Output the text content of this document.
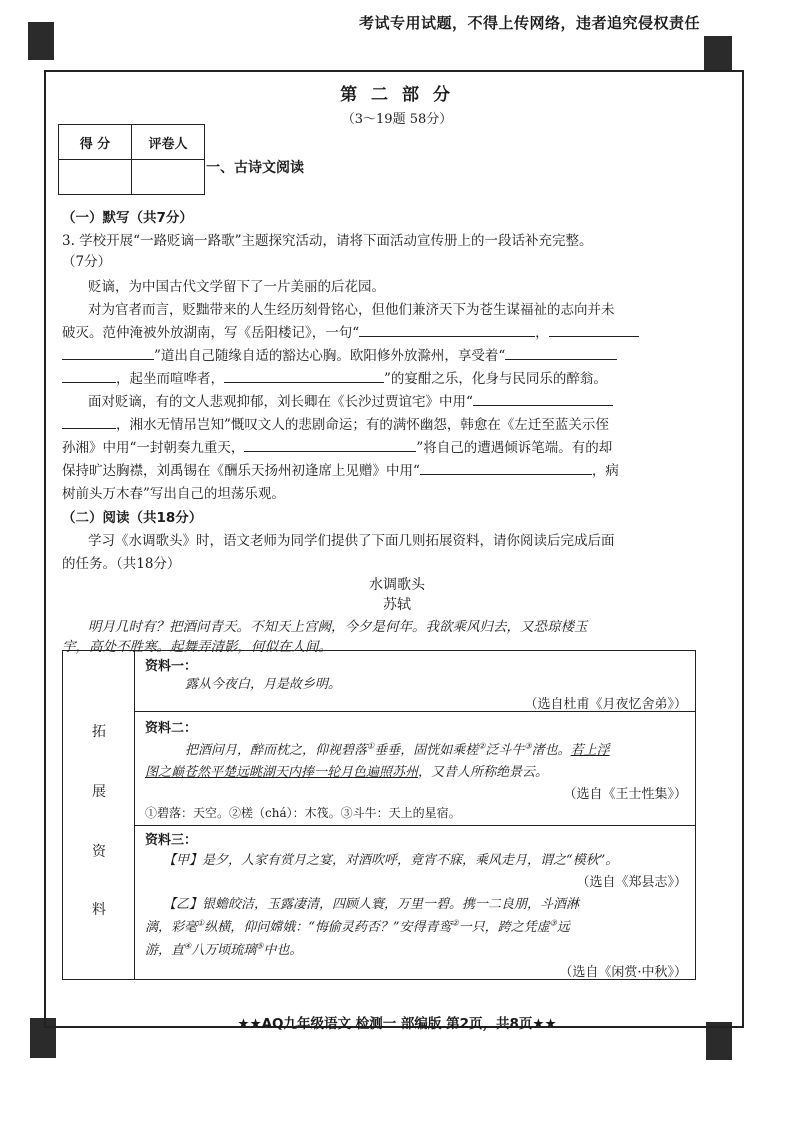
考试专用试题，不得上传网络，违者追究侵权责任
第 二 部 分
（3～19题 58分）
得 分	评卷人

一、古诗文阅读
（一）默写（共7分）
3. 学校开展“一路贬谪一路歌”主题探究活动，请将下面活动宣传册上的一段话补充完整。
（7分）
贬谪，为中国古代文学留下了一片美丽的后花园。
对为官者而言，贬黜带来的人生经历刻骨铭心，但他们兼济天下为苍生谋福祉的志向并未
破灭。范仲淹被外放湖南，写《岳阳楼记》，一句“	，
”道出自己随缘自适的豁达心胸。欧阳修外放滁州，享受着“
，起坐而喧哗者，	”的宴酣之乐，化身与民同乐的醉翁。
面对贬谪，有的文人悲观抑郁，刘长卿在《长沙过贾谊宅》中用“
，湘水无情吊岂知”慨叹文人的悲剧命运；有的满怀幽怨，韩愈在《左迁至蓝关示侄
孙湘》中用“一封朝奏九重天，	”将自己的遭遇倾诉笔端。有的却
保持旷达胸襟，刘禹锡在《酬乐天扬州初逢席上见赠》中用“	，病
树前头万木春”写出自己的坦荡乐观。
（二）阅读（共18分）
学习《水调歌头》时，语文老师为同学们提供了下面几则拓展资料，请你阅读后完成后面
的任务。（共18分）
水调歌头
苏轼
明月几时有？把酒问青天。不知天上宫阙，今夕是何年。我欲乘风归去，又恐琼楼玉
宇，高处不胜寒。起舞弄清影，何似在人间。
拓
展
资
料
资料一：
露从今夜白，月是故乡明。
（选自杜甫《月夜忆舍弟》）
资料二：
把酒问月，醉而枕之，仰视碧落①垂垂，固恍如乘槎②泛斗牛③渚也。若上浮
图之巅苍然平楚远眺湖天内捧一轮月色遍照苏州，又昔人所称绝景云。
（选自《王士性集》）
①碧落：天空。②槎（chá）：木筏。③斗牛：天上的星宿。
资料三：
【甲】是夕，人家有赏月之宴，对酒吹呼，竟宵不寐，乘风走月，谓之“模秋”。
（选自《郑县志》）
【乙】银蟾皎洁，玉露凄清，四顾人寰，万里一碧。携一二良朋，斗酒淋
漓，彩毫①纵横，仰问嫦娥：“悔偷灵药否？”安得青鸾②一只，跨之凭虚③远
游，直④八万顷琉璃⑤中也。
（选自《闲赏·中秋》）
★★AQ九年级语文 检测一 部编版 第2页，共8页★★
